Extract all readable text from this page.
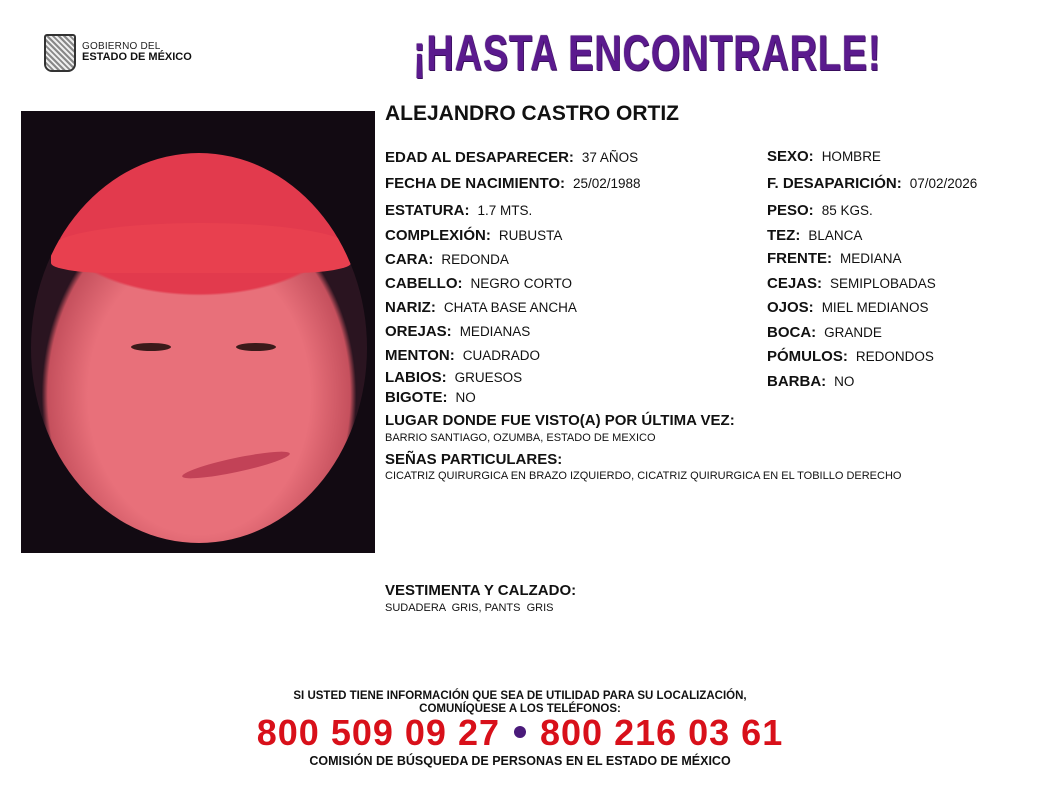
GOBIERNO DEL
ESTADO DE MÉXICO	¡HASTA ENCONTRARLE!
ALEJANDRO CASTRO ORTIZ
EDAD AL DESAPARECER: 37 AÑOS
FECHA DE NACIMIENTO: 25/02/1988
ESTATURA: 1.7 MTS.
COMPLEXIÓN: RUBUSTA
CARA: REDONDA
CABELLO: NEGRO CORTO
NARIZ: CHATA BASE ANCHA
OREJAS: MEDIANAS
MENTON: CUADRADO
LABIOS: GRUESOS
BIGOTE: NO
SEXO: HOMBRE
F. DESAPARICIÓN: 07/02/2026
PESO: 85 KGS.
TEZ: BLANCA
FRENTE: MEDIANA
CEJAS: SEMIPLOBADAS
OJOS: MIEL MEDIANOS
BOCA: GRANDE
PÓMULOS: REDONDOS
BARBA: NO
LUGAR DONDE FUE VISTO(A) POR ÚLTIMA VEZ:
BARRIO SANTIAGO, OZUMBA, ESTADO DE MEXICO
SEÑAS PARTICULARES:
CICATRIZ QUIRURGICA EN BRAZO IZQUIERDO, CICATRIZ QUIRURGICA EN EL TOBILLO DERECHO
VESTIMENTA Y CALZADO:
SUDADERA  GRIS, PANTS  GRIS
SI USTED TIENE INFORMACIÓN QUE SEA DE UTILIDAD PARA SU LOCALIZACIÓN,
COMUNÍQUESE A LOS TELÉFONOS:
800 509 09 27 800 216 03 61
COMISIÓN DE BÚSQUEDA DE PERSONAS EN EL ESTADO DE MÉXICO
